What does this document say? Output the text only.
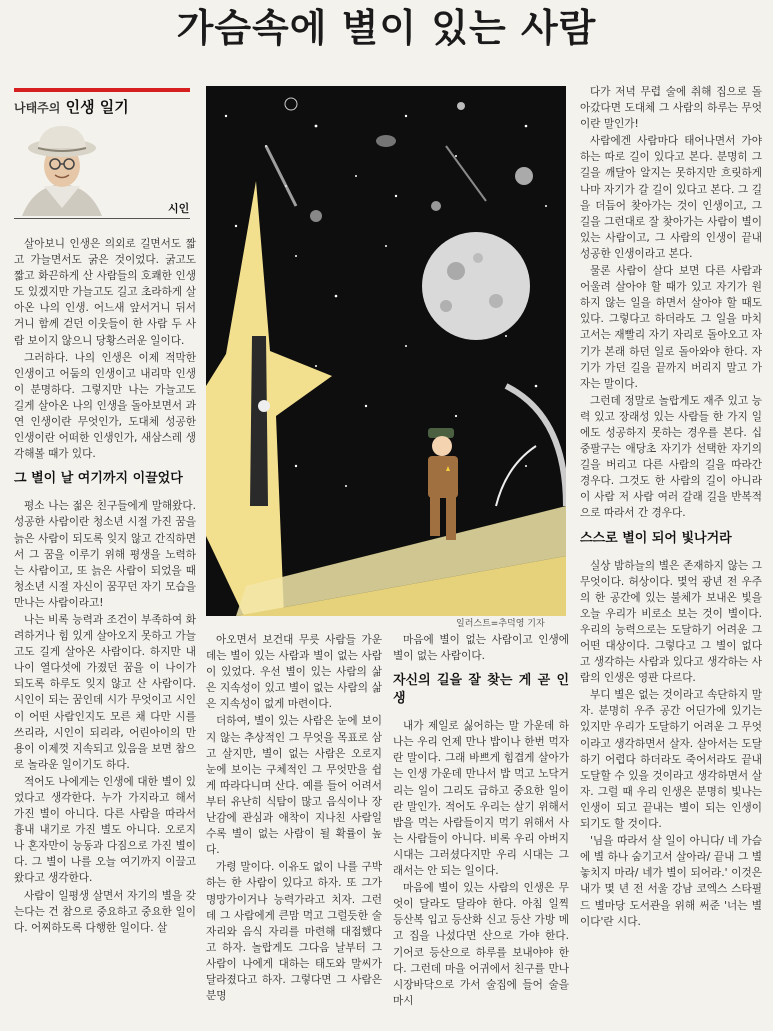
가슴속에 별이 있는 사람
나태주의 인생 일기
시인

살아보니 인생은 의외로 길면서도 짧고 가늘면서도 굵은 것이었다. 굵고도 짧고 화끈하게 산 사람들의 호쾌한 인생도 있겠지만 가늘고도 길고 초라하게 살아온 나의 인생. 어느새 앞서거니 뒤서거니 함께 걷던 이웃들이 한 사람 두 사람 보이지 않으니 당황스러운 일이다.

그러하다. 나의 인생은 이제 적막한 인생이고 어둠의 인생이고 내리막 인생이 분명하다. 그렇지만 나는 가늘고도 길게 살아온 나의 인생을 돌아보면서 과연 인생이란 무엇인가, 도대체 성공한 인생이란 어떠한 인생인가, 새삼스레 생각해볼 때가 있다.

그 별이 날 여기까지 이끌었다

평소 나는 젊은 친구들에게 말해왔다. 성공한 사람이란 청소년 시절 가진 꿈을 늙은 사람이 되도록 잊지 않고 간직하면서 그 꿈을 이루기 위해 평생을 노력하는 사람이고, 또 늙은 사람이 되었을 때 청소년 시절 자신이 꿈꾸던 자기 모습을 만나는 사람이라고!

나는 비록 능력과 조건이 부족하여 화려하거나 힘 있게 살아오지 못하고 가늘고도 길게 살아온 사람이다. 하지만 내 나이 열다섯에 가졌던 꿈을 이 나이가 되도록 하루도 잊지 않고 산 사람이다. 시인이 되는 꿈인데 시가 무엇이고 시인이 어떤 사람인지도 모른 채 다만 시를 쓰리라, 시인이 되리라, 어린아이의 만용이 이제껏 지속되고 있음을 보면 참으로 놀라운 일이기도 하다.

적어도 나에게는 인생에 대한 별이 있었다고 생각한다. 누가 가지라고 해서 가진 별이 아니다. 다른 사람을 따라서 흉내 내기로 가진 별도 아니다. 오로지 나 혼자만이 능동과 다짐으로 가진 별이다. 그 별이 나를 오늘 여기까지 이끌고 왔다고 생각한다.

사람이 일평생 살면서 자기의 별을 갖는다는 건 참으로 중요하고 중요한 일이다. 어찌하도록 다행한 일이다. 살

일러스트=추덕영 기자

아오면서 보건대 무릇 사람들 가운데는 별이 있는 사람과 별이 없는 사람이 있었다. 우선 별이 있는 사람의 삶은 지속성이 있고 별이 없는 사람의 삶은 지속성이 없게 마련이다.

더하여, 별이 있는 사람은 눈에 보이지 않는 추상적인 그 무엇을 목표로 삼고 살지만, 별이 없는 사람은 오로지 눈에 보이는 구체적인 그 무엇만을 쉽게 따라다니며 산다. 예를 들어 어려서부터 유난히 식탐이 많고 음식이나 장난감에 관심과 애착이 지나친 사람일수록 별이 없는 사람이 될 확률이 높다.

가령 말이다. 이유도 없이 나를 구박하는 한 사람이 있다고 하자. 또 그가 명망가이거나 능력가라고 치자. 그런데 그 사람에게 큰맘 먹고 그럴듯한 술자리와 음식 자리를 마련해 대접했다고 하자. 놀랍게도 그다음 날부터 그 사람이 나에게 대하는 태도와 말씨가 달라졌다고 하자. 그렇다면 그 사람은 분명

마음에 별이 없는 사람이고 인생에 별이 없는 사람이다.

자신의 길을 잘 찾는 게 곧 인생

내가 제일로 싫어하는 말 가운데 하나는 우리 언제 만나 밥이나 한번 먹자란 말이다. 그래 바쁘게 힘겹게 살아가는 인생 가운데 만나서 밥 먹고 노닥거리는 일이 그리도 급하고 중요한 일이란 말인가. 적어도 우리는 살기 위해서 밥을 먹는 사람들이지 먹기 위해서 사는 사람들이 아니다. 비록 우리 아버지 시대는 그러셨다지만 우리 시대는 그래서는 안 되는 일이다.

마음에 별이 있는 사람의 인생은 무엇이 달라도 달라야 한다. 아침 일찍 등산복 입고 등산화 신고 등산 가방 메고 집을 나섰다면 산으로 가야 한다. 기어코 등산으로 하루를 보내야야 한다. 그런데 마을 어귀에서 친구를 만나 시장바닥으로 가서 술집에 들어 술을 마시

다가 저녁 무렵 술에 취해 집으로 돌아갔다면 도대체 그 사람의 하루는 무엇이란 말인가!

사람에겐 사람마다 태어나면서 가야 하는 따로 길이 있다고 본다. 분명히 그 길을 깨달아 알지는 못하지만 흐릿하게나마 자기가 갈 길이 있다고 본다. 그 길을 더듬어 찾아가는 것이 인생이고, 그 길을 그런대로 잘 찾아가는 사람이 별이 있는 사람이고, 그 사람의 인생이 끝내 성공한 인생이라고 본다.

물론 사람이 살다 보면 다른 사람과 어울려 살아야 할 때가 있고 자기가 원하지 않는 일을 하면서 살아야 할 때도 있다. 그렇다고 하더라도 그 일을 마치고서는 재빨리 자기 자리로 돌아오고 자기가 본래 하던 일로 돌아와야 한다. 자기가 가던 길을 끝까지 버리지 말고 가자는 말이다.

그런데 정말로 놀랍게도 재주 있고 능력 있고 장래성 있는 사람들 한 가지 일에도 성공하지 못하는 경우를 본다. 십중팔구는 애당초 자기가 선택한 자기의 길을 버리고 다른 사람의 길을 따라간 경우다. 그것도 한 사람의 길이 아니라 이 사람 저 사람 여러 갈래 길을 반복적으로 따라서 간 경우다.

스스로 별이 되어 빛나거라

실상 밤하늘의 별은 존재하지 않는 그 무엇이다. 허상이다. 몇억 광년 전 우주의 한 공간에 있는 불체가 보내온 빛을 오늘 우리가 비로소 보는 것이 별이다. 우리의 능력으로는 도달하기 어려운 그 어떤 대상이다. 그렇다고 그 별이 없다고 생각하는 사람과 있다고 생각하는 사람의 인생은 영판 다르다.

부디 별은 없는 것이라고 속단하지 말자. 분명히 우주 공간 어딘가에 있기는 있지만 우리가 도달하기 어려운 그 무엇이라고 생각하면서 살자. 살아서는 도달하기 어렵다 하더라도 죽어서라도 끝내 도달할 수 있을 것이라고 생각하면서 살자. 그럴 때 우리 인생은 분명히 빛나는 인생이 되고 끝내는 별이 되는 인생이 되기도 할 것이다.

'님을 따라서 살 일이 아니다/ 네 가슴에 별 하나 숨기고서 살아라/ 끝내 그 별 놓치지 마라/ 네가 별이 되어라.' 이것은 내가 몇 년 전 서울 강남 코엑스 스타필드 별마당 도서관을 위해 써준 '너는 별이다'란 시다.
